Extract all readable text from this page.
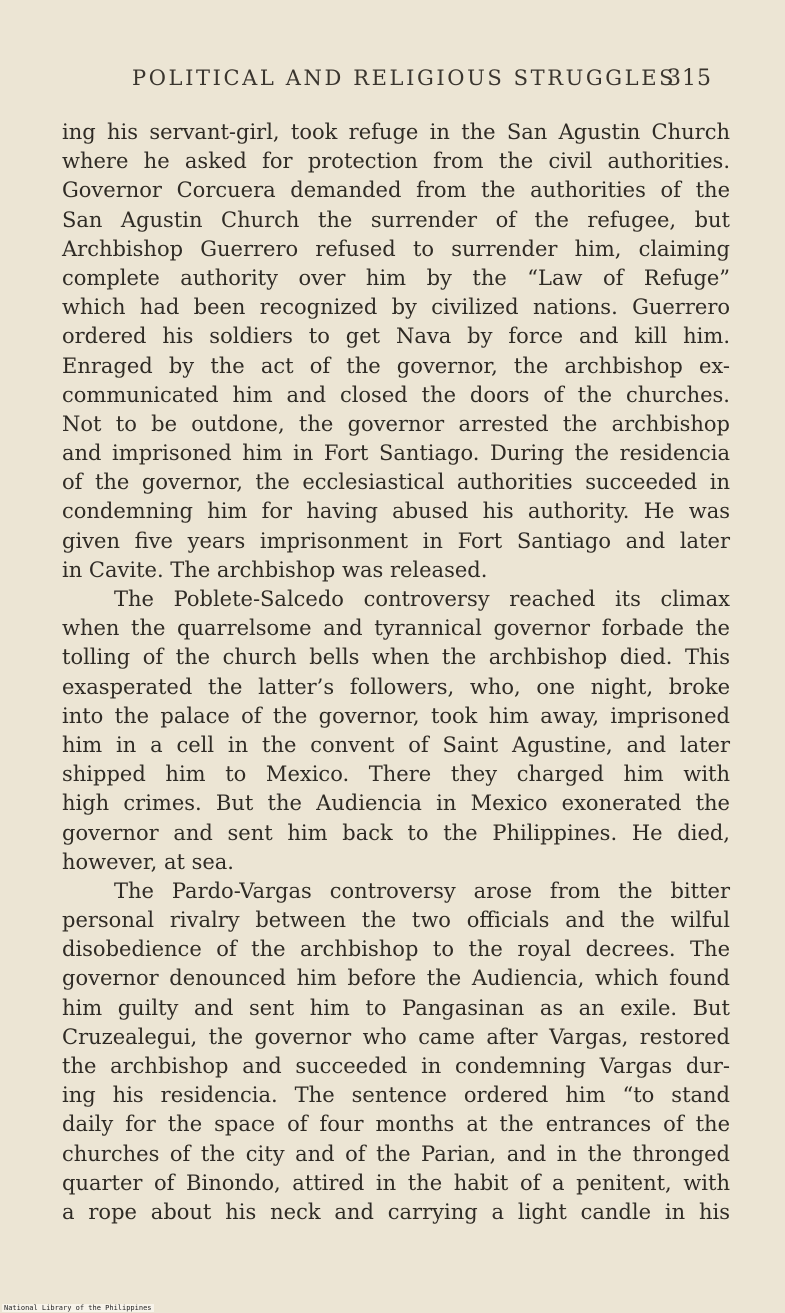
POLITICAL AND RELIGIOUS STRUGGLES
315
ing his servant-girl, took refuge in the San Agustin Church
where he asked for protection from the civil authorities.
Governor Corcuera demanded from the authorities of the
San Agustin Church the surrender of the refugee, but
Archbishop Guerrero refused to surrender him, claiming
complete authority over him by the “Law of Refuge”
which had been recognized by civilized nations. Guerrero
ordered his soldiers to get Nava by force and kill him.
Enraged by the act of the governor, the archbishop ex-
communicated him and closed the doors of the churches.
Not to be outdone, the governor arrested the archbishop
and imprisoned him in Fort Santiago. During the residencia
of the governor, the ecclesiastical authorities succeeded in
condemning him for having abused his authority. He was
given five years imprisonment in Fort Santiago and later
in Cavite. The archbishop was released.
The Poblete-Salcedo controversy reached its climax
when the quarrelsome and tyrannical governor forbade the
tolling of the church bells when the archbishop died. This
exasperated the latter’s followers, who, one night, broke
into the palace of the governor, took him away, imprisoned
him in a cell in the convent of Saint Agustine, and later
shipped him to Mexico. There they charged him with
high crimes. But the Audiencia in Mexico exonerated the
governor and sent him back to the Philippines. He died,
however, at sea.
The Pardo-Vargas controversy arose from the bitter
personal rivalry between the two officials and the wilful
disobedience of the archbishop to the royal decrees. The
governor denounced him before the Audiencia, which found
him guilty and sent him to Pangasinan as an exile. But
Cruzealegui, the governor who came after Vargas, restored
the archbishop and succeeded in condemning Vargas dur-
ing his residencia. The sentence ordered him “to stand
daily for the space of four months at the entrances of the
churches of the city and of the Parian, and in the thronged
quarter of Binondo, attired in the habit of a penitent, with
a rope about his neck and carrying a light candle in his
National Library of the Philippines
